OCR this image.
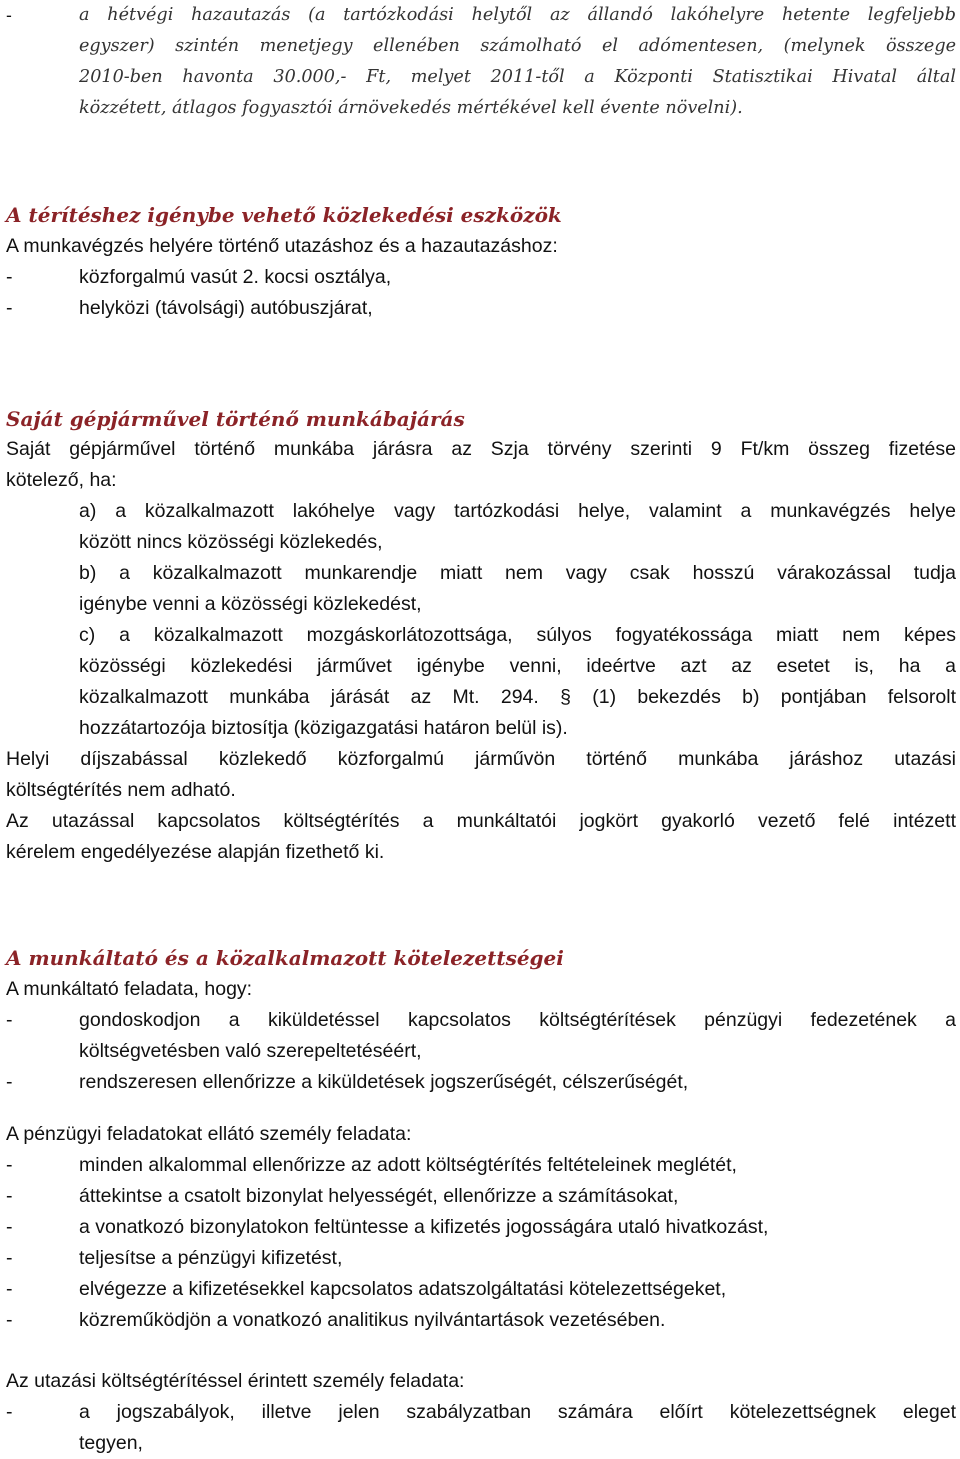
-	a hétvégi hazautazás (a tartózkodási helytől az állandó lakóhelyre hetente legfeljebb
egyszer) szintén menetjegy ellenében számolható el adómentesen, (melynek összege
2010-ben havonta 30.000,- Ft, melyet 2011-től a Központi Statisztikai Hivatal által
közzétett, átlagos fogyasztói árnövekedés mértékével kell évente növelni).
A térítéshez igénybe vehető közlekedési eszközök
A munkavégzés helyére történő utazáshoz és a hazautazáshoz:
-	közforgalmú vasút 2. kocsi osztálya,
-	helyközi (távolsági) autóbuszjárat,
Saját gépjárművel történő munkábajárás
Saját gépjárművel történő munkába járásra az Szja törvény szerinti 9 Ft/km összeg fizetése
kötelező, ha:
a) a közalkalmazott lakóhelye vagy tartózkodási helye, valamint a munkavégzés helye
között nincs közösségi közlekedés,
b) a közalkalmazott munkarendje miatt nem vagy csak hosszú várakozással tudja
igénybe venni a közösségi közlekedést,
c) a közalkalmazott mozgáskorlátozottsága, súlyos fogyatékossága miatt nem képes
közösségi közlekedési járművet igénybe venni, ideértve azt az esetet is, ha a
közalkalmazott munkába járását az Mt. 294. § (1) bekezdés b) pontjában felsorolt
hozzátartozója biztosítja (közigazgatási határon belül is).
Helyi díjszabással közlekedő közforgalmú járművön történő munkába járáshoz utazási
költségtérítés nem adható.
Az utazással kapcsolatos költségtérítés a munkáltatói jogkört gyakorló vezető felé intézett
kérelem engedélyezése alapján fizethető ki.
A munkáltató és a közalkalmazott kötelezettségei
A munkáltató feladata, hogy:
-	gondoskodjon a kiküldetéssel kapcsolatos költségtérítések pénzügyi fedezetének a
költségvetésben való szerepeltetéséért,
-	rendszeresen ellenőrizze a kiküldetések jogszerűségét, célszerűségét,
A pénzügyi feladatokat ellátó személy feladata:
-	minden alkalommal ellenőrizze az adott költségtérítés feltételeinek meglétét,
-	áttekintse a csatolt bizonylat helyességét, ellenőrizze a számításokat,
-	a vonatkozó bizonylatokon feltüntesse a kifizetés jogosságára utaló hivatkozást,
-	teljesítse a pénzügyi kifizetést,
-	elvégezze a kifizetésekkel kapcsolatos adatszolgáltatási kötelezettségeket,
-	közreműködjön a vonatkozó analitikus nyilvántartások vezetésében.
Az utazási költségtérítéssel érintett személy feladata:
-	a jogszabályok, illetve jelen szabályzatban számára előírt kötelezettségnek eleget
tegyen,
